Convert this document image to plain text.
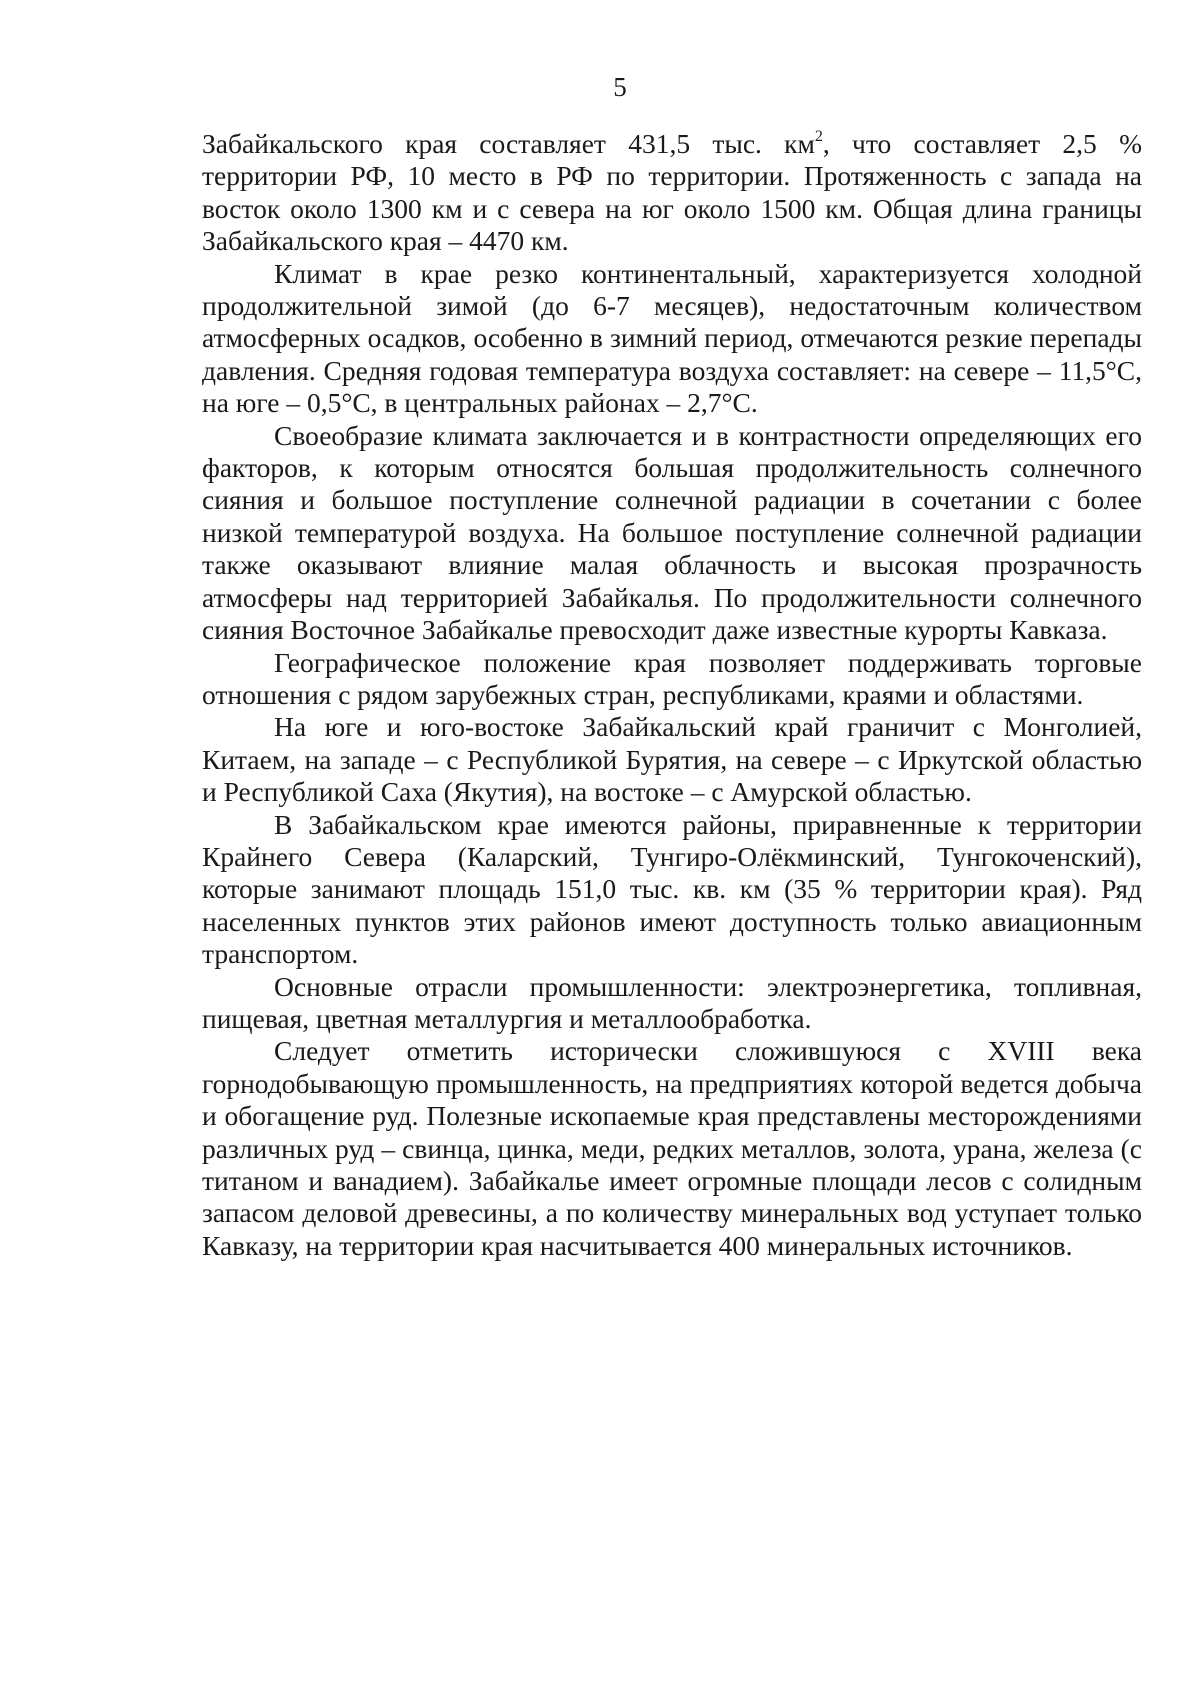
5

Забайкальского края составляет 431,5 тыс. $км^2$, что составляет 2,5 % территории РФ, 10 место в РФ по территории. Протяженность с запада на восток около 1300 км и с севера на юг около 1500 км. Общая длина границы Забайкальского края – 4470 км.

Климат в крае резко континентальный, характеризуется холодной продолжительной зимой (до 6-7 месяцев), недостаточным количеством атмосферных осадков, особенно в зимний период, отмечаются резкие перепады давления. Средняя годовая температура воздуха составляет: на севере – 11,5°С, на юге – 0,5°С, в центральных районах – 2,7°С.

Своеобразие климата заключается и в контрастности определяющих его факторов, к которым относятся большая продолжительность солнечного сияния и большое поступление солнечной радиации в сочетании с более низкой температурой воздуха. На большое поступление солнечной радиации также оказывают влияние малая облачность и высокая прозрачность атмосферы над территорией Забайкалья. По продолжительности солнечного сияния Восточное Забайкалье превосходит даже известные курорты Кавказа.

Географическое положение края позволяет поддерживать торговые отношения с рядом зарубежных стран, республиками, краями и областями.

На юге и юго-востоке Забайкальский край граничит с Монголией, Китаем, на западе – с Республикой Бурятия, на севере – с Иркутской областью и Республикой Саха (Якутия), на востоке – с Амурской областью.

В Забайкальском крае имеются районы, приравненные к территории Крайнего Севера (Каларский, Тунгиро-Олёкминский, Тунгокоченский), которые занимают площадь 151,0 тыс. кв. км (35 % территории края). Ряд населенных пунктов этих районов имеют доступность только авиационным транспортом.

Основные отрасли промышленности: электроэнергетика, топливная, пищевая, цветная металлургия и металлообработка.

Следует отметить исторически сложившуюся с XVIII века горнодобывающую промышленность, на предприятиях которой ведется добыча и обогащение руд. Полезные ископаемые края представлены месторождениями различных руд – свинца, цинка, меди, редких металлов, золота, урана, железа (с титаном и ванадием). Забайкалье имеет огромные площади лесов с солидным запасом деловой древесины, а по количеству минеральных вод уступает только Кавказу, на территории края насчитывается 400 минеральных источников.
